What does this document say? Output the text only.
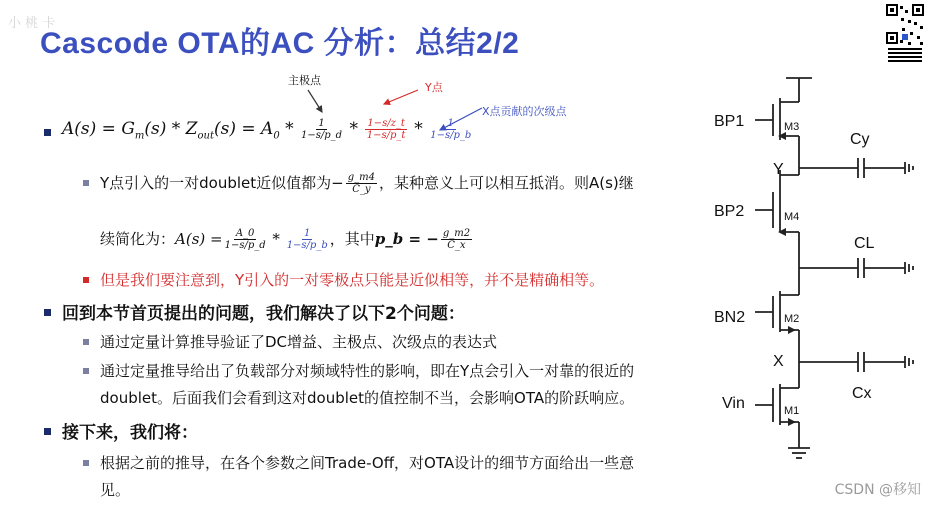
小 桃 卡
Cascode OTA的AC 分析：总结2/2
主极点
Y点
X点贡献的次级点
$A(s) = G_m(s) * Z_{out}(s) = A_0 * \frac{1}{1-s/p\_d} * \frac{1-s/z\_t}{1-s/p\_t} * \frac{1}{1-s/p\_b}$
Y点引入的一对doublet近似值都为− $\frac{g\_m4}{C\_y}$ ，某种意义上可以相互抵消。则A(s)继
续简化为：$A(s) = \frac{A\_0}{1-s/p\_d} * \frac{1}{1-s/p\_b}$ ，其中p_b = − $\frac{g\_m2}{C\_x}$
但是我们要注意到，Y引入的一对零极点只能是近似相等，并不是精确相等。
回到本节首页提出的问题，我们解决了以下2个问题：
通过定量计算推导验证了DC增益、主极点、次级点的表达式
通过定量推导给出了负载部分对频域特性的影响，即在Y点会引入一对靠的很近的
doublet。后面我们会看到这对doublet的值控制不当，会影响OTA的阶跃响应。
接下来，我们将：
根据之前的推导，在各个参数之间Trade-Off，对OTA设计的细节方面给出一些意
见。
BP1	M3
Cy
Y
BP2	M4
CL
BN2	M2
X
Cx
Vin	M1
CSDN @移知
